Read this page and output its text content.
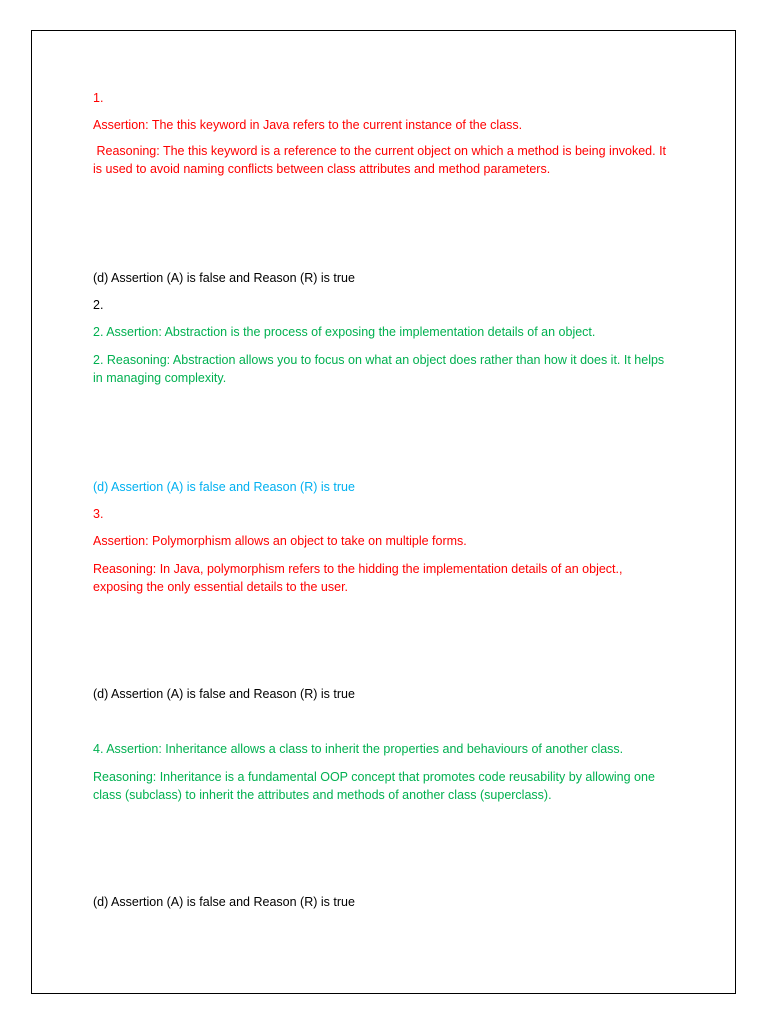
1.
Assertion: The this keyword in Java refers to the current instance of the class.
Reasoning: The this keyword is a reference to the current object on which a method is being invoked. It is used to avoid naming conflicts between class attributes and method parameters.
(d) Assertion (A) is false and Reason (R) is true
2.
2. Assertion: Abstraction is the process of exposing the implementation details of an object.
2. Reasoning: Abstraction allows you to focus on what an object does rather than how it does it. It helps in managing complexity.
(d) Assertion (A) is false and Reason (R) is true
3.
Assertion: Polymorphism allows an object to take on multiple forms.
Reasoning: In Java, polymorphism refers to the hidding the implementation details of an object., exposing the only essential details to the user.
(d) Assertion (A) is false and Reason (R) is true
4. Assertion: Inheritance allows a class to inherit the properties and behaviours of another class.
Reasoning: Inheritance is a fundamental OOP concept that promotes code reusability by allowing one class (subclass) to inherit the attributes and methods of another class (superclass).
(d) Assertion (A) is false and Reason (R) is true
